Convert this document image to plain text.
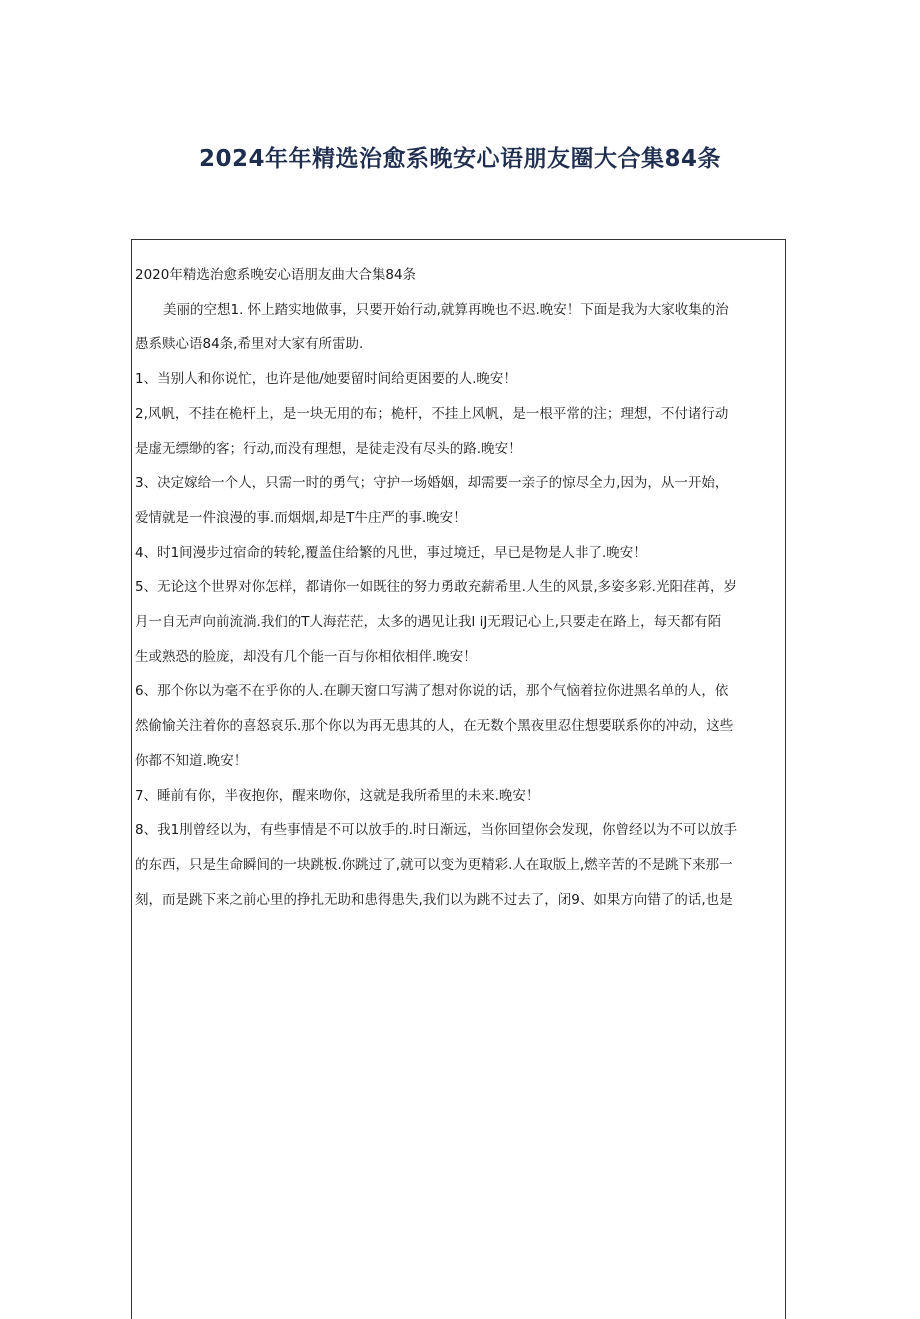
2024年年精选治愈系晚安心语朋友圈大合集84条

2020年精选治愈系晚安心语朋友曲大合集84条

美丽的空想1. 怀上踏实地做事，只要开始行动,就算再晚也不迟.晚安！下面是我为大家收集的治

愚系赎心语84条,希里对大家有所雷助.

1、当别人和你说忙，也许是他/她要留时间给更困要的人.晚安！

2,风帆，不挂在桅杆上，是一块无用的布；桅杆，不挂上风帆，是一根平常的注；理想，不付诸行动

是虚无缥缈的客；行动,而没有理想，是徒走没有尽头的路.晚安！

3、决定嫁给一个人，只需一时的勇气；守护一场婚姻，却需要一亲子的惊尽全力,因为，从一开始，

爱情就是一件浪漫的事.而烟烟,却是T牛庄严的事.晚安！

4、时1间漫步过宿命的转轮,覆盖住给繁的凡世，事过境迁，早已是物是人非了.晚安！

5、无论这个世界对你怎样，都请你一如既往的努力勇敢充薪希里.人生的风景,多姿多彩.光阳荏苒，岁

月一自无声向前流淌.我们的T人海茫茫，太多的遇见让我l iJ无瑕记心上,只要走在路上，每天都有陌

生或熟恐的脸庞，却没有几个能一百与你相依相伴.晚安！

6、那个你以为毫不在乎你的人.在聊天窗口写满了想对你说的话，那个气恼着拉你进黑名单的人，依

然偷愉关注着你的喜怒哀乐.那个你以为再无患其的人，在无数个黑夜里忍住想要联系你的冲动，这些

你都不知道.晚安！

7、睡前有你，半夜抱你，醒来吻你，这就是我所希里的未来.晚安！

8、我1刖曾经以为，有些事情是不可以放手的.时日渐远，当你回望你会发现，你曾经以为不可以放手

的东西，只是生命瞬间的一块跳板.你跳过了,就可以变为更精彩.人在取版上,燃辛苦的不是跳下来那一

刻，而是跳下来之前心里的挣扎无助和患得患失,我们以为跳不过去了，闭9、如果方向错了的话,也是
